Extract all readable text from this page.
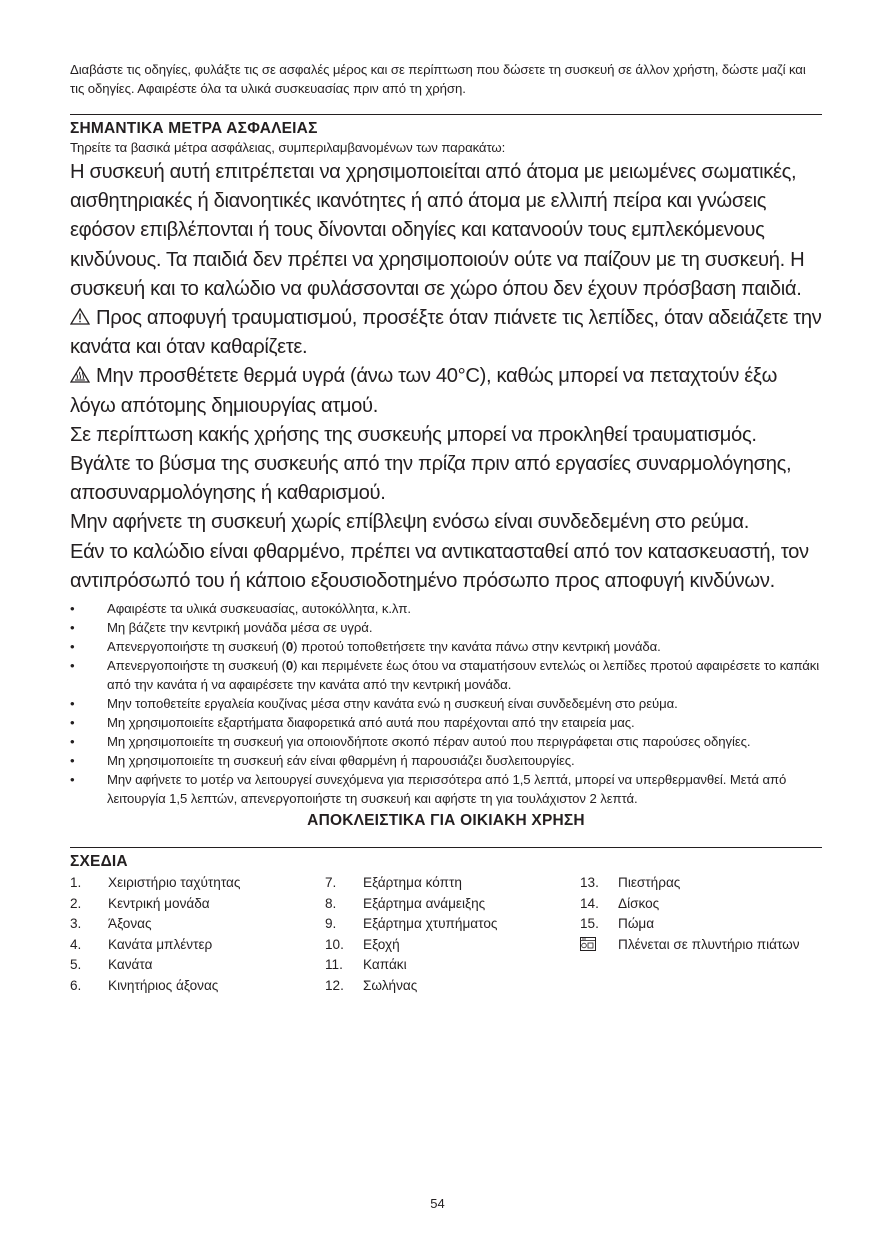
Διαβάστε τις οδηγίες, φυλάξτε τις σε ασφαλές μέρος και σε περίπτωση που δώσετε τη συσκευή σε άλλον χρήστη, δώστε μαζί και τις οδηγίες. Αφαιρέστε όλα τα υλικά συσκευασίας πριν από τη χρήση.

ΣΗΜΑΝΤΙΚΑ ΜΕΤΡΑ ΑΣΦΑΛΕΙΑΣ

Τηρείτε τα βασικά μέτρα ασφάλειας, συμπεριλαμβανομένων των παρακάτω:

Η συσκευή αυτή επιτρέπεται να χρησιμοποιείται από άτομα με μειωμένες σωματικές, αισθητηριακές ή διανοητικές ικανότητες ή από άτομα με ελλιπή πείρα και γνώσεις εφόσον επιβλέπονται ή τους δίνονται οδηγίες και κατανοούν τους εμπλεκόμενους κινδύνους. Τα παιδιά δεν πρέπει να χρησιμοποιούν ούτε να παίζουν με τη συσκευή. Η συσκευή και το καλώδιο να φυλάσσονται σε χώρο όπου δεν έχουν πρόσβαση παιδιά.

Προς αποφυγή τραυματισμού, προσέξτε όταν πιάνετε τις λεπίδες, όταν αδειάζετε την κανάτα και όταν καθαρίζετε.

Μην προσθέτετε θερμά υγρά (άνω των 40°C), καθώς μπορεί να πεταχτούν έξω λόγω απότομης δημιουργίας ατμού.

Σε περίπτωση κακής χρήσης της συσκευής μπορεί να προκληθεί τραυματισμός.

Βγάλτε το βύσμα της συσκευής από την πρίζα πριν από εργασίες συναρμολόγησης, αποσυναρμολόγησης ή καθαρισμού.

Μην αφήνετε τη συσκευή χωρίς επίβλεψη ενόσω είναι συνδεδεμένη στο ρεύμα.

Εάν το καλώδιο είναι φθαρμένο, πρέπει να αντικατασταθεί από τον κατασκευαστή, τον αντιπρόσωπό του ή κάποιο εξουσιοδοτημένο πρόσωπο προς αποφυγή κινδύνων.

• Αφαιρέστε τα υλικά συσκευασίας, αυτοκόλλητα, κ.λπ.
• Μη βάζετε την κεντρική μονάδα μέσα σε υγρά.
• Απενεργοποιήστε τη συσκευή (0) προτού τοποθετήσετε την κανάτα πάνω στην κεντρική μονάδα.
• Απενεργοποιήστε τη συσκευή (0) και περιμένετε έως ότου να σταματήσουν εντελώς οι λεπίδες προτού αφαιρέσετε το καπάκι από την κανάτα ή να αφαιρέσετε την κανάτα από την κεντρική μονάδα.
• Μην τοποθετείτε εργαλεία κουζίνας μέσα στην κανάτα ενώ η συσκευή είναι συνδεδεμένη στο ρεύμα.
• Μη χρησιμοποιείτε εξαρτήματα διαφορετικά από αυτά που παρέχονται από την εταιρεία μας.
• Μη χρησιμοποιείτε τη συσκευή για οποιονδήποτε σκοπό πέραν αυτού που περιγράφεται στις παρούσες οδηγίες.
• Μη χρησιμοποιείτε τη συσκευή εάν είναι φθαρμένη ή παρουσιάζει δυσλειτουργίες.
• Μην αφήνετε το μοτέρ να λειτουργεί συνεχόμενα για περισσότερα από 1,5 λεπτά, μπορεί να υπερθερμανθεί. Μετά από λειτουργία 1,5 λεπτών, απενεργοποιήστε τη συσκευή και αφήστε τη για τουλάχιστον 2 λεπτά.

ΑΠΟΚΛΕΙΣΤΙΚΑ ΓΙΑ ΟΙΚΙΑΚΗ ΧΡΗΣΗ

ΣΧΕΔΙΑ

1. Χειριστήριο ταχύτητας
2. Κεντρική μονάδα
3. Άξονας
4. Κανάτα μπλέντερ
5. Κανάτα
6. Κινητήριος άξονας
7. Εξάρτημα κόπτη
8. Εξάρτημα ανάμειξης
9. Εξάρτημα χτυπήματος
10. Εξοχή
11. Καπάκι
12. Σωλήνας
13. Πιεστήρας
14. Δίσκος
15. Πώμα
Πλένεται σε πλυντήριο πιάτων
54
